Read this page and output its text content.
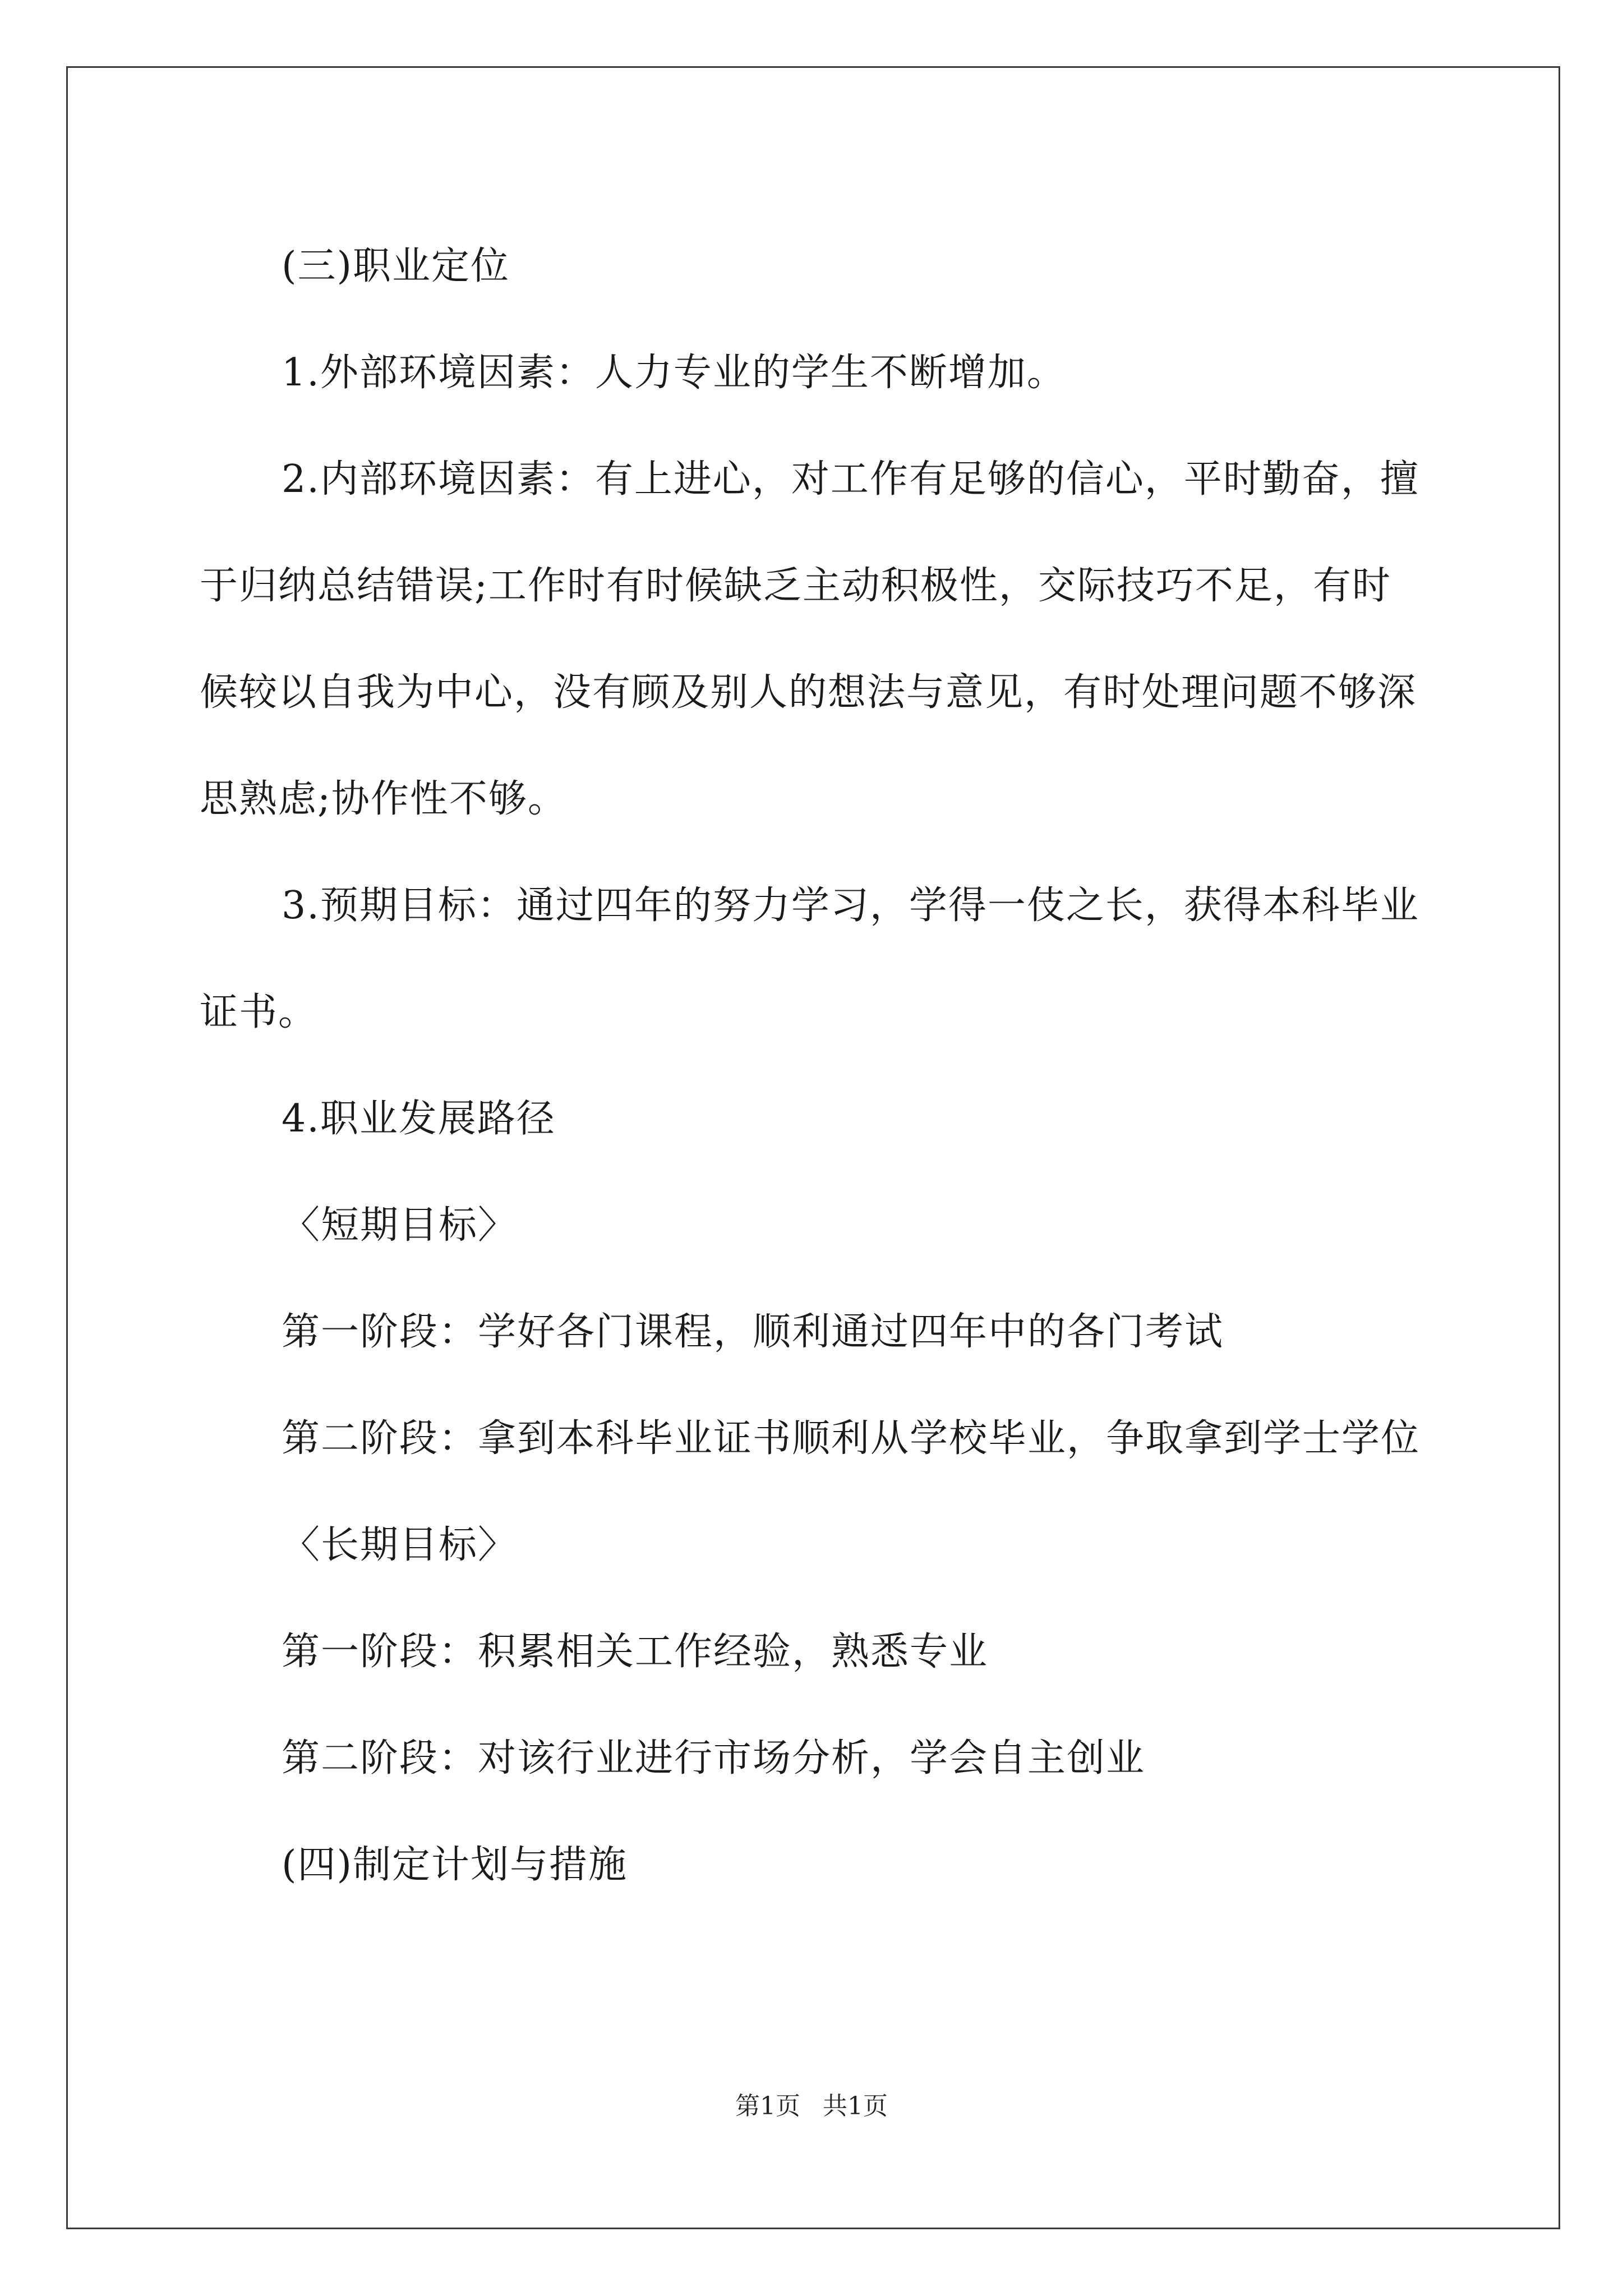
(三)职业定位

1.外部环境因素：人力专业的学生不断增加。

2.内部环境因素：有上进心，对工作有足够的信心，平时勤奋，擅于归纳总结错误;工作时有时候缺乏主动积极性，交际技巧不足，有时候较以自我为中心，没有顾及别人的想法与意见，有时处理问题不够深思熟虑;协作性不够。

3.预期目标：通过四年的努力学习，学得一伎之长，获得本科毕业证书。

4.职业发展路径

〈短期目标〉

第一阶段：学好各门课程，顺利通过四年中的各门考试

第二阶段：拿到本科毕业证书顺利从学校毕业，争取拿到学士学位

〈长期目标〉

第一阶段：积累相关工作经验，熟悉专业

第二阶段：对该行业进行市场分析，学会自主创业

(四)制定计划与措施

第1页 共1页
